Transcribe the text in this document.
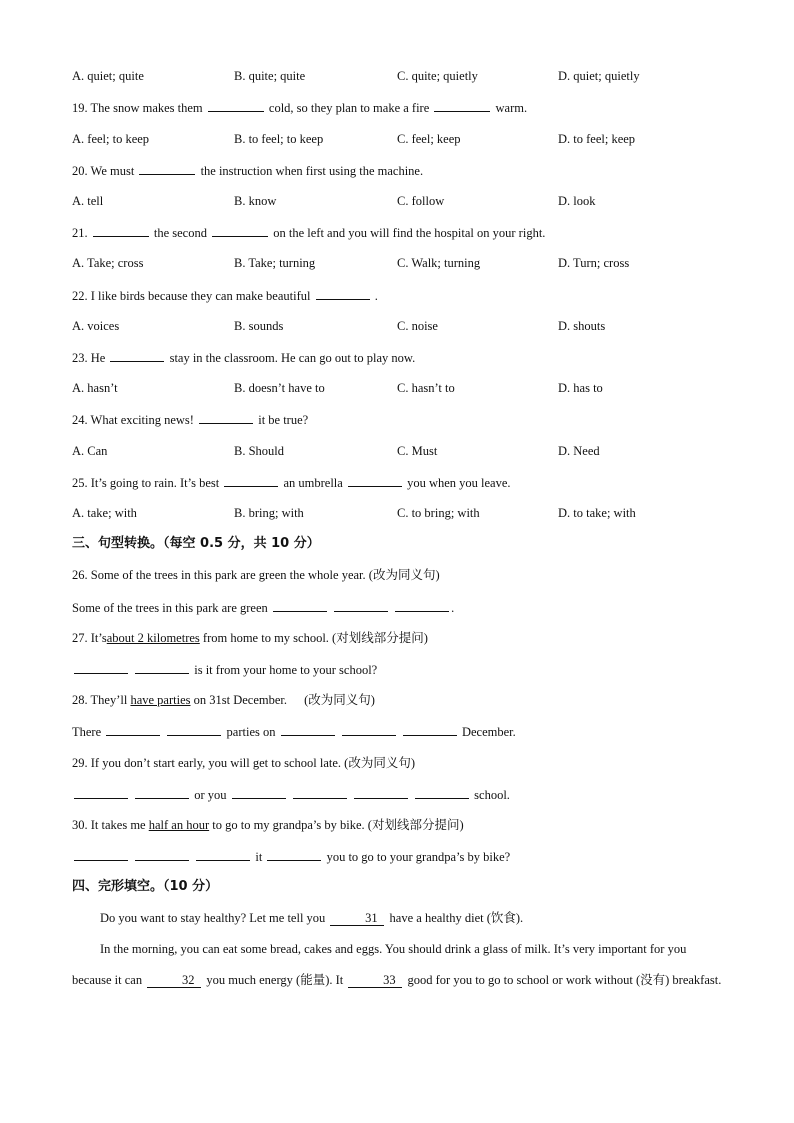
A. quiet; quite	B. quite; quite	C. quite; quietly	D. quiet; quietly
19. The snow makes them	cold, so they plan to make a fire	warm.
A. feel; to keep	B. to feel; to keep	C. feel; keep	D. to feel; keep
20. We must	the instruction when first using the machine.
A. tell	B. know	C. follow	D. look
21.	the second	on the left and you will find the hospital on your right.
A. Take; cross	B. Take; turning	C. Walk; turning	D. Turn; cross
22. I like birds because they can make beautiful	.
A. voices	B. sounds	C. noise	D. shouts
23. He	stay in the classroom. He can go out to play now.
A. hasn’t	B. doesn’t have to	C. hasn’t to	D. has to
24. What exciting news!	it be true?
A. Can	B. Should	C. Must	D. Need
25. It’s going to rain. It’s best	an umbrella	you when you leave.
A. take; with	B. bring; with	C. to bring; with	D. to take; with
三、句型转换。（每空 0.5 分，共 10 分）
26. Some of the trees in this park are green the whole year. (改为同义句)
Some of the trees in this park are green	.
27. It’sabout 2 kilometres from home to my school. (对划线部分提问)
is it from your home to your school?
28. They’ll have parties on 31st December. (改为同义句)
There	parties on	December.
29. If you don’t start early, you will get to school late. (改为同义句)
or you	school.
30. It takes me half an hour to go to my grandpa’s by bike. (对划线部分提问)
it	you to go to your grandpa’s by bike?
四、完形填空。（10 分）

Do you want to stay healthy? Let me tell you	31 have a healthy diet (饮食).

In the morning, you can eat some bread, cakes and eggs. You should drink a glass of milk. It’s very important for you because it can	32 you much energy (能量). It	33 good for you to go to school or work without (没有) breakfast.
